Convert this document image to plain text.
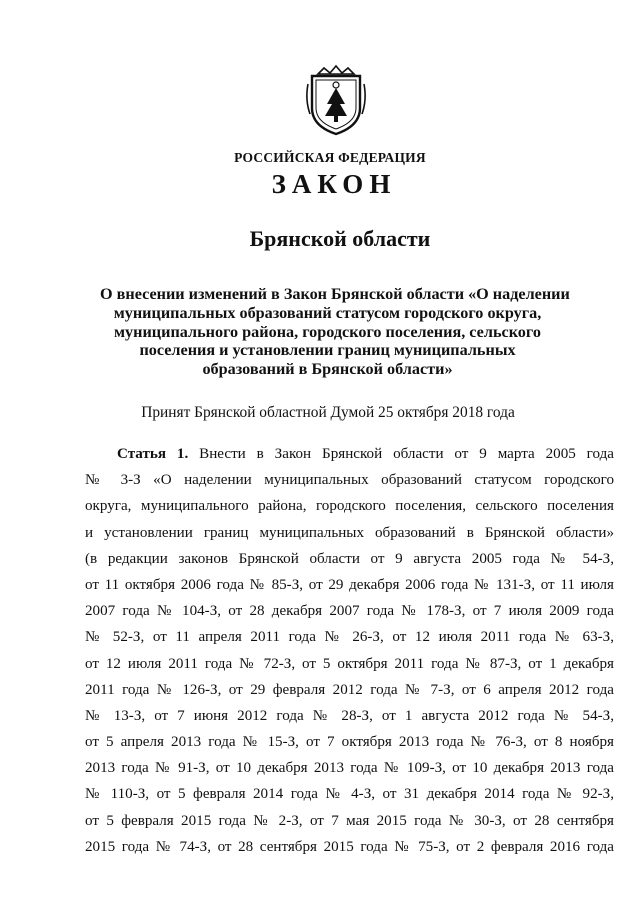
РОССИЙСКАЯ ФЕДЕРАЦИЯ
ЗАКОН
Брянской области
О внесении изменений в Закон Брянской области «О наделении
муниципальных образований статусом городского округа,
муниципального района, городского поселения, сельского
поселения и установлении границ муниципальных
образований в Брянской области»
Принят Брянской областной Думой 25 октября 2018 года
Статья 1. Внести в Закон Брянской области от 9 марта 2005 года
№ 3-З «О наделении муниципальных образований статусом городского
округа, муниципального района, городского поселения, сельского поселения
и установлении границ муниципальных образований в Брянской области»
(в редакции законов Брянской области от 9 августа 2005 года № 54-З,
от 11 октября 2006 года № 85-З, от 29 декабря 2006 года № 131-З, от 11 июля
2007 года № 104-З, от 28 декабря 2007 года № 178-З, от 7 июля 2009 года
№ 52-З, от 11 апреля 2011 года № 26-З, от 12 июля 2011 года № 63-З,
от 12 июля 2011 года № 72-З, от 5 октября 2011 года № 87-З, от 1 декабря
2011 года № 126-З, от 29 февраля 2012 года № 7-З, от 6 апреля 2012 года
№ 13-З, от 7 июня 2012 года № 28-З, от 1 августа 2012 года № 54-З,
от 5 апреля 2013 года № 15-З, от 7 октября 2013 года № 76-З, от 8 ноября
2013 года № 91-З, от 10 декабря 2013 года № 109-З, от 10 декабря 2013 года
№ 110-З, от 5 февраля 2014 года № 4-З, от 31 декабря 2014 года № 92-З,
от 5 февраля 2015 года № 2-З, от 7 мая 2015 года № 30-З, от 28 сентября
2015 года № 74-З, от 28 сентября 2015 года № 75-З, от 2 февраля 2016 года
